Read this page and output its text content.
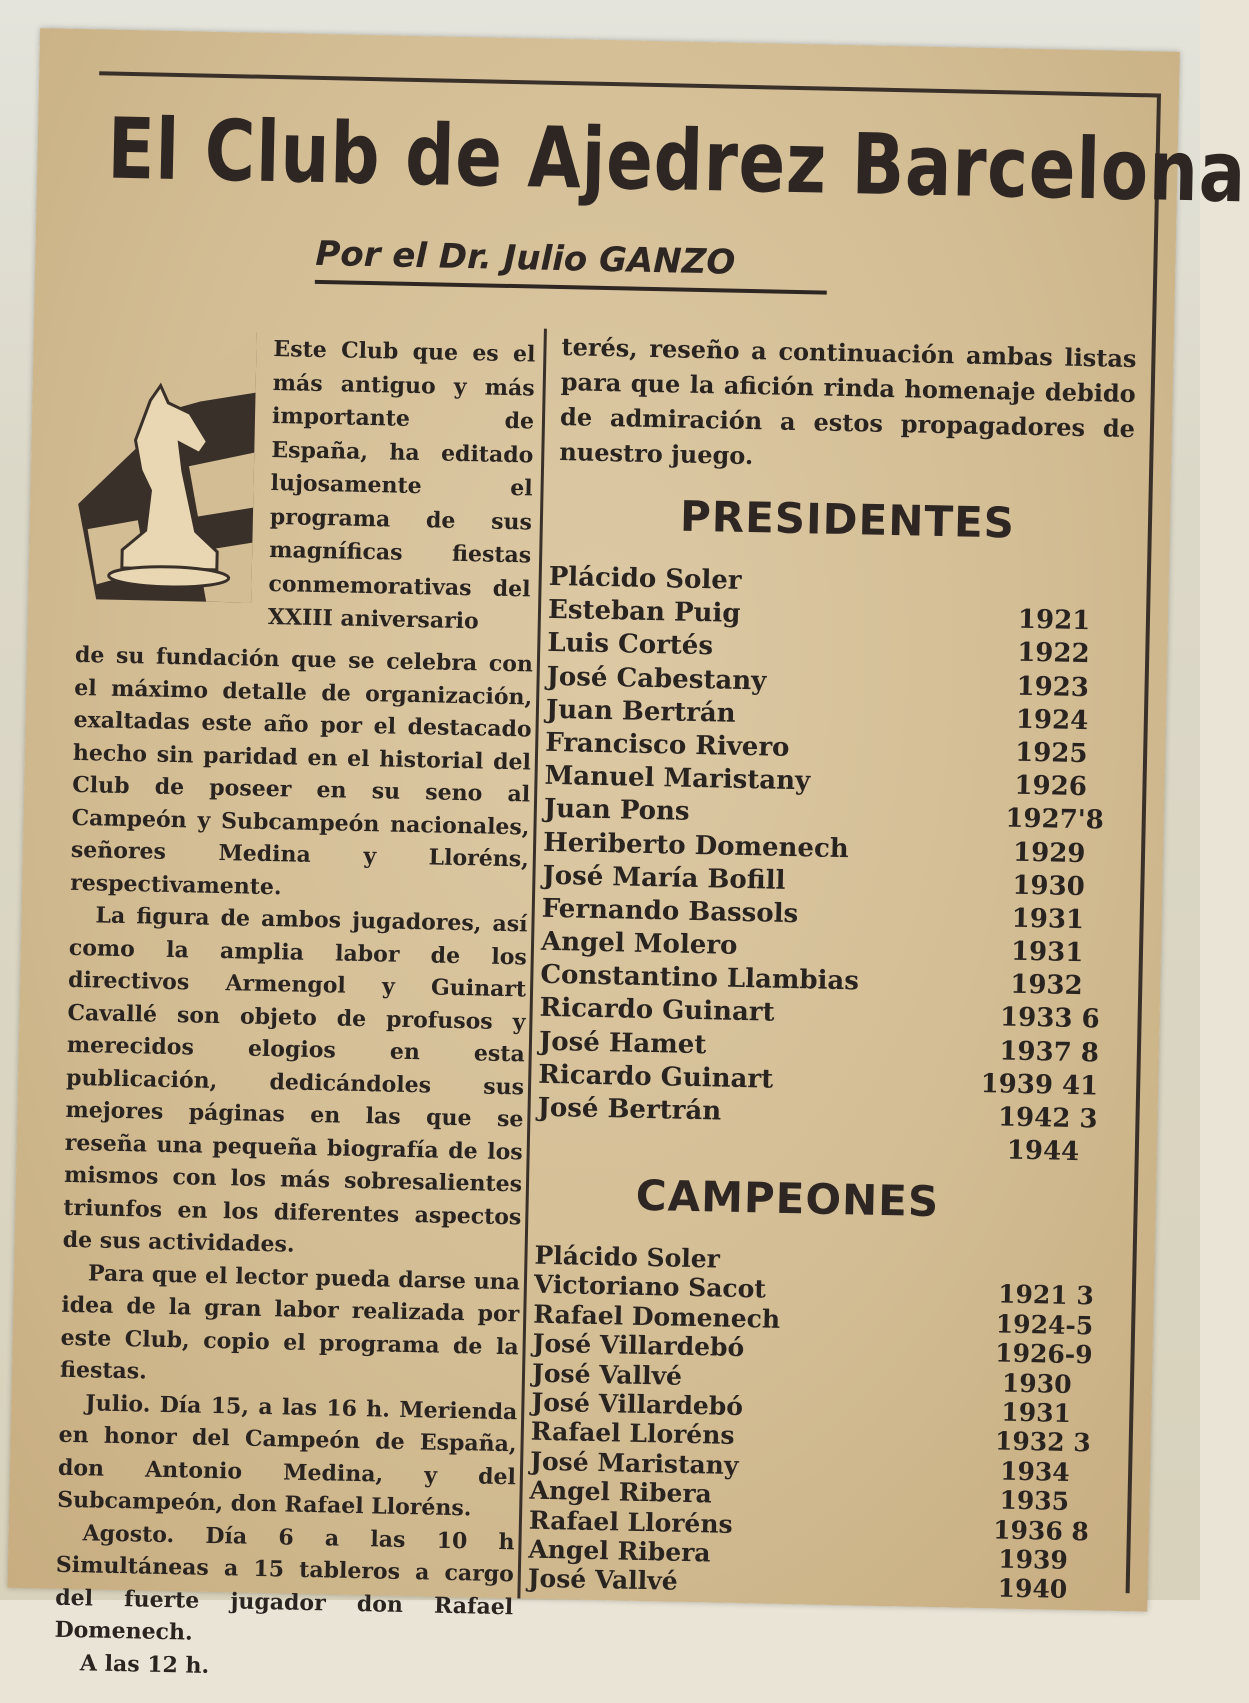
El Club de Ajedrez Barcelona
Por el Dr. Julio GANZO
Este Club que es el más antiguo y más importante de España, ha editado lujosamente el programa de sus magníficas fiestas conmemorativas del XXIII aniversario

de su fundación que se celebra con el máximo detalle de organización, exaltadas este año por el destacado hecho sin paridad en el historial del Club de poseer en su seno al Campeón y Subcampeón nacionales, señores Medina y Lloréns, respectivamente.

La figura de ambos jugadores, así como la amplia labor de los directivos Armengol y Guinart Cavallé son objeto de profusos y merecidos elogios en esta publicación, dedicándoles sus mejores páginas en las que se reseña una pequeña biografía de los mismos con los más sobresalientes triunfos en los diferentes aspectos de sus actividades.

Para que el lector pueda darse una idea de la gran labor realizada por este Club, copio el programa de la fiestas.

Julio. Día 15, a las 16 h. Merienda en honor del Campeón de España, don Antonio Medina, y del Subcampeón, don Rafael Lloréns.

Agosto. Día 6 a las 10 h Simultáneas a 15 tableros a cargo del fuerte jugador don Rafael Domenech.

A las 12 h.

terés, reseño a continuación ambas listas para que la afición rinda homenaje debido de admiración a estos propagadores de nuestro juego.
PRESIDENTES
Plácido Soler
Esteban Puig	1921
Luis Cortés	1922
José Cabestany	1923
Juan Bertrán	1924
Francisco Rivero	1925
Manuel Maristany	1926
Juan Pons	1927'8
Heriberto Domenech	1929
José María Bofill	1930
Fernando Bassols	1931
Angel Molero	1931
Constantino Llambias	1932
Ricardo Guinart	1933 6
José Hamet	1937 8
Ricardo Guinart	1939 41
José Bertrán	1942 3
1944
CAMPEONES
Plácido Soler
Victoriano Sacot	1921 3
Rafael Domenech	1924-5
José Villardebó	1926-9
José Vallvé	1930
José Villardebó	1931
Rafael Lloréns	1932 3
José Maristany	1934
Angel Ribera	1935
Rafael Lloréns	1936 8
Angel Ribera	1939
José Vallvé	1940
